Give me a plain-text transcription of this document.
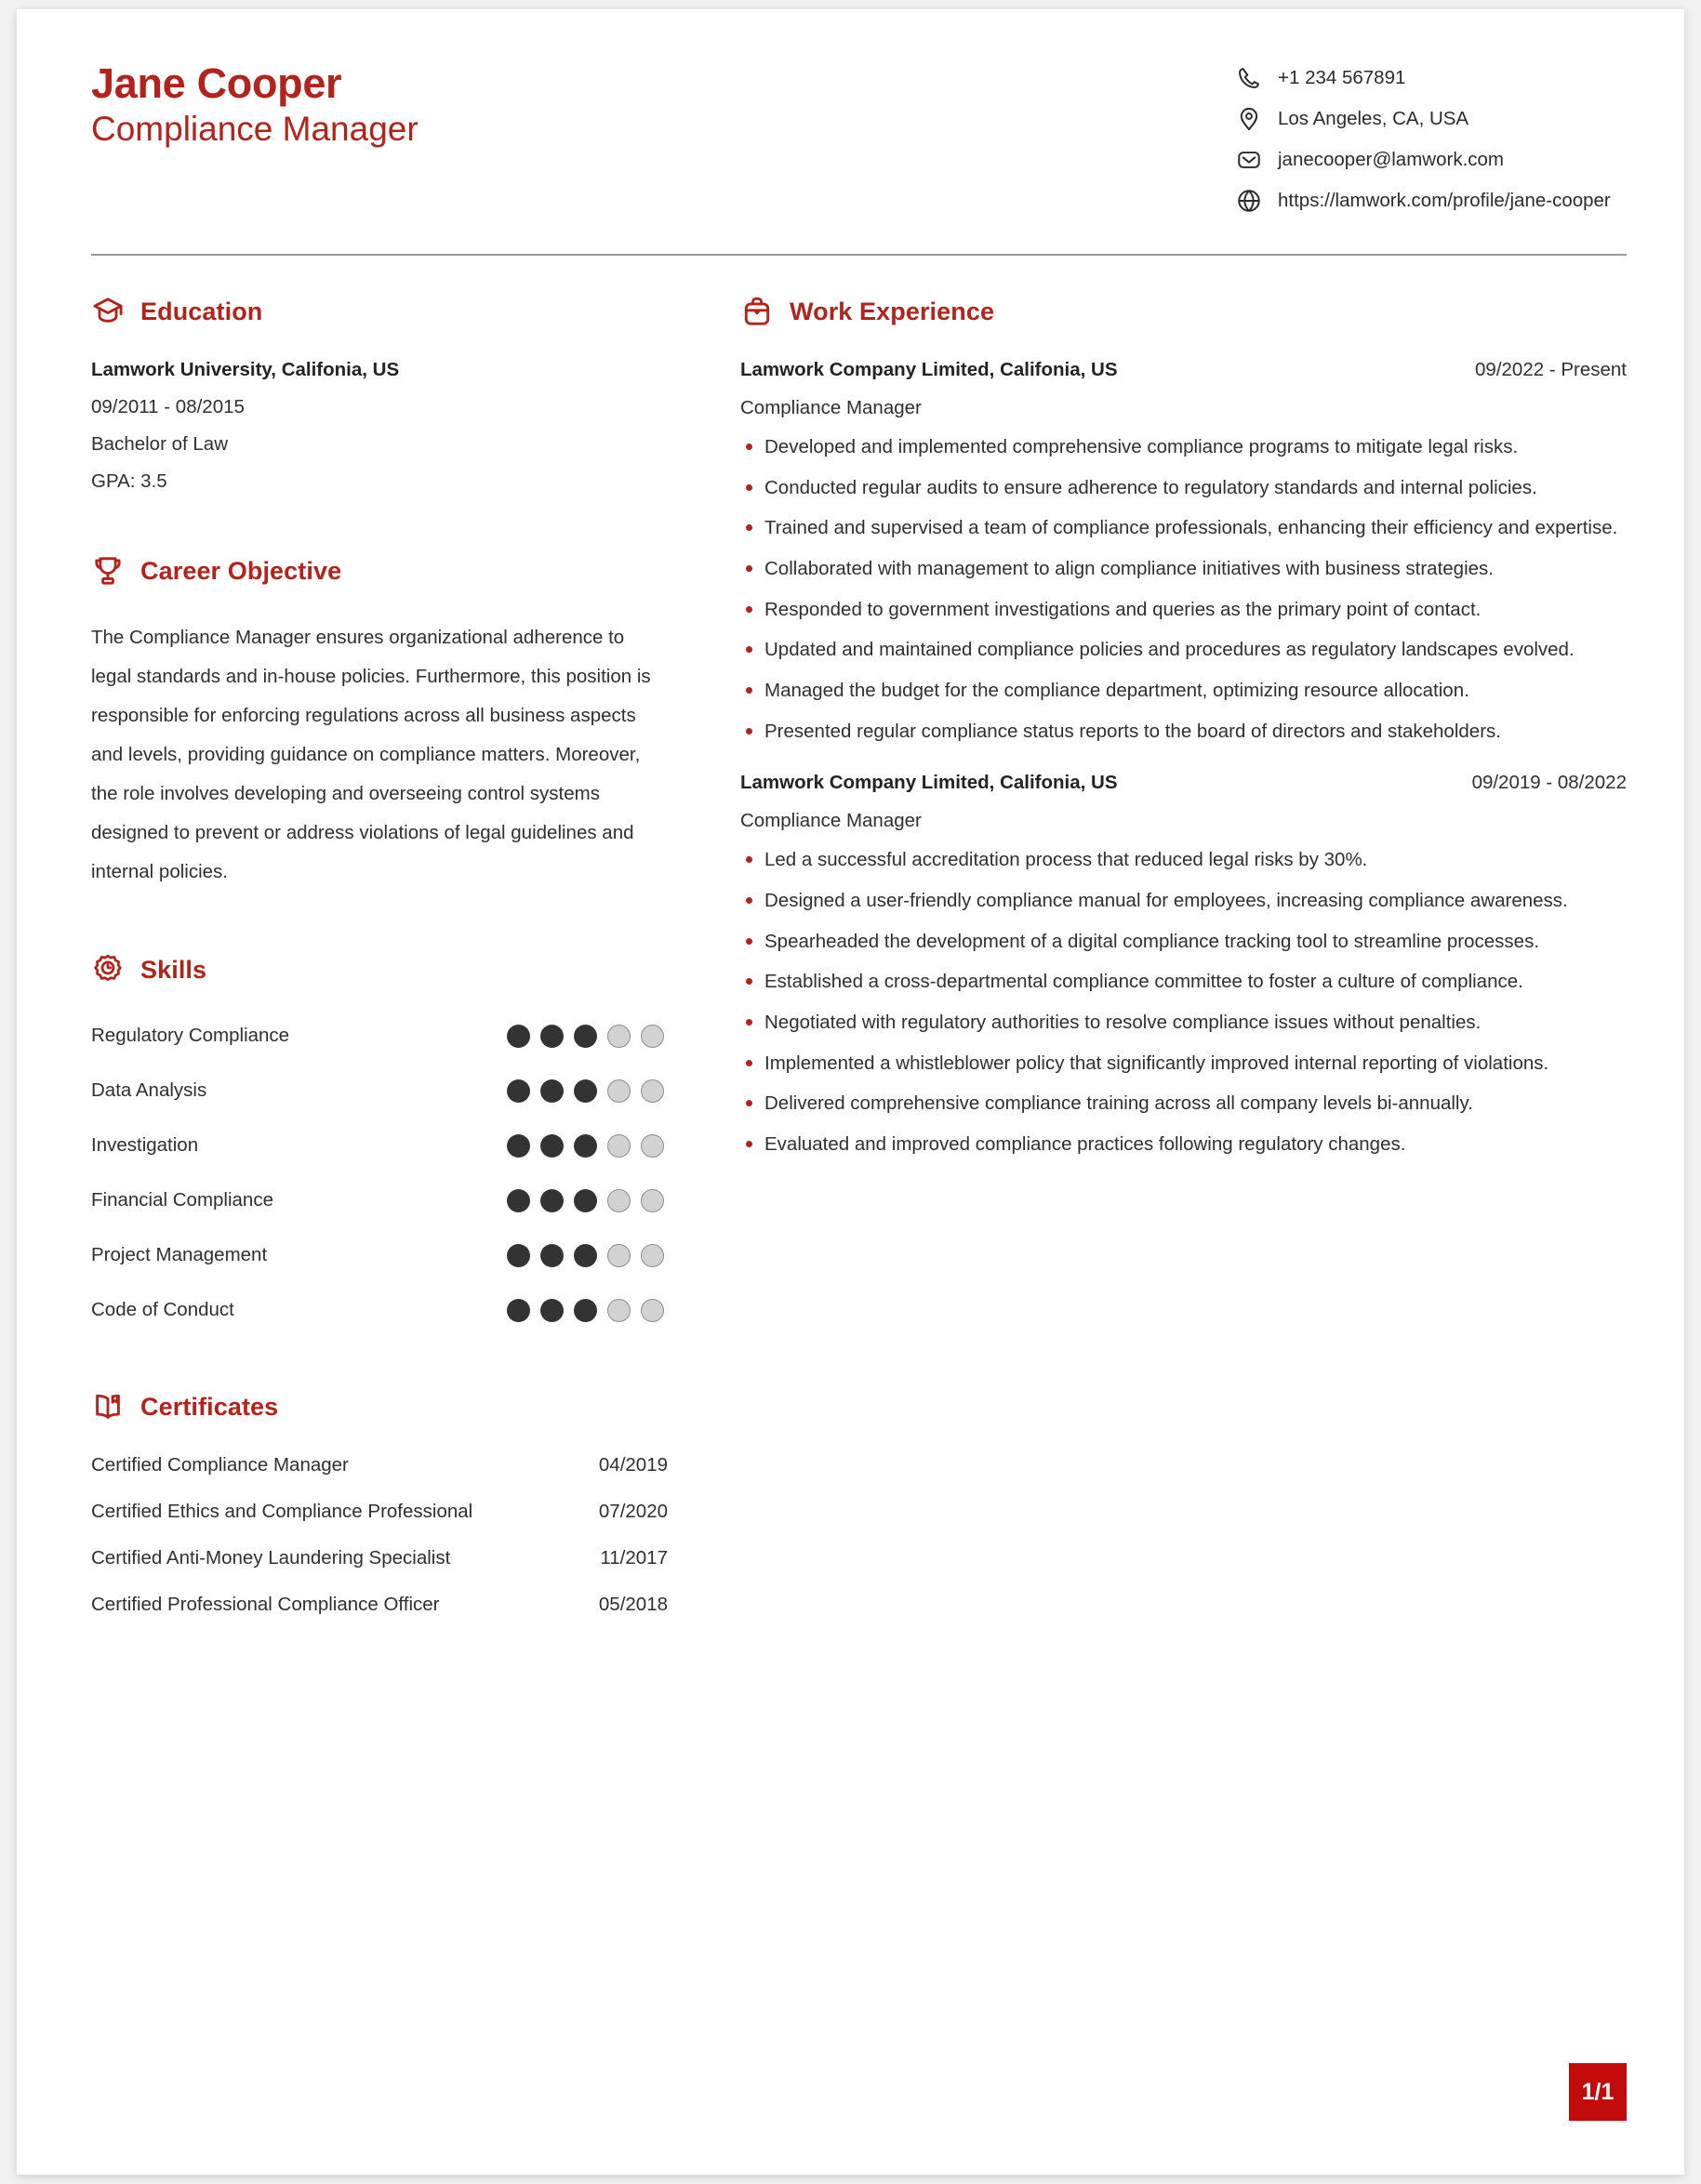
Jane Cooper
Compliance Manager
+1 234 567891
Los Angeles, CA, USA
janecooper@lamwork.com
https://lamwork.com/profile/jane-cooper
Education
Lamwork University, Califonia, US
09/2011 - 08/2015
Bachelor of Law
GPA: 3.5
Career Objective
The Compliance Manager ensures organizational adherence to legal standards and in-house policies. Furthermore, this position is responsible for enforcing regulations across all business aspects and levels, providing guidance on compliance matters. Moreover, the role involves developing and overseeing control systems designed to prevent or address violations of legal guidelines and internal policies.
Skills
Regulatory Compliance
Data Analysis
Investigation
Financial Compliance
Project Management
Code of Conduct
Certificates
Certified Compliance Manager	04/2019
Certified Ethics and Compliance Professional	07/2020
Certified Anti-Money Laundering Specialist	11/2017
Certified Professional Compliance Officer	05/2018
Work Experience
Lamwork Company Limited, Califonia, US	09/2022 - Present
Compliance Manager
Developed and implemented comprehensive compliance programs to mitigate legal risks.
Conducted regular audits to ensure adherence to regulatory standards and internal policies.
Trained and supervised a team of compliance professionals, enhancing their efficiency and expertise.
Collaborated with management to align compliance initiatives with business strategies.
Responded to government investigations and queries as the primary point of contact.
Updated and maintained compliance policies and procedures as regulatory landscapes evolved.
Managed the budget for the compliance department, optimizing resource allocation.
Presented regular compliance status reports to the board of directors and stakeholders.
Lamwork Company Limited, Califonia, US	09/2019 - 08/2022
Compliance Manager
Led a successful accreditation process that reduced legal risks by 30%.
Designed a user-friendly compliance manual for employees, increasing compliance awareness.
Spearheaded the development of a digital compliance tracking tool to streamline processes.
Established a cross-departmental compliance committee to foster a culture of compliance.
Negotiated with regulatory authorities to resolve compliance issues without penalties.
Implemented a whistleblower policy that significantly improved internal reporting of violations.
Delivered comprehensive compliance training across all company levels bi-annually.
Evaluated and improved compliance practices following regulatory changes.
1/1
